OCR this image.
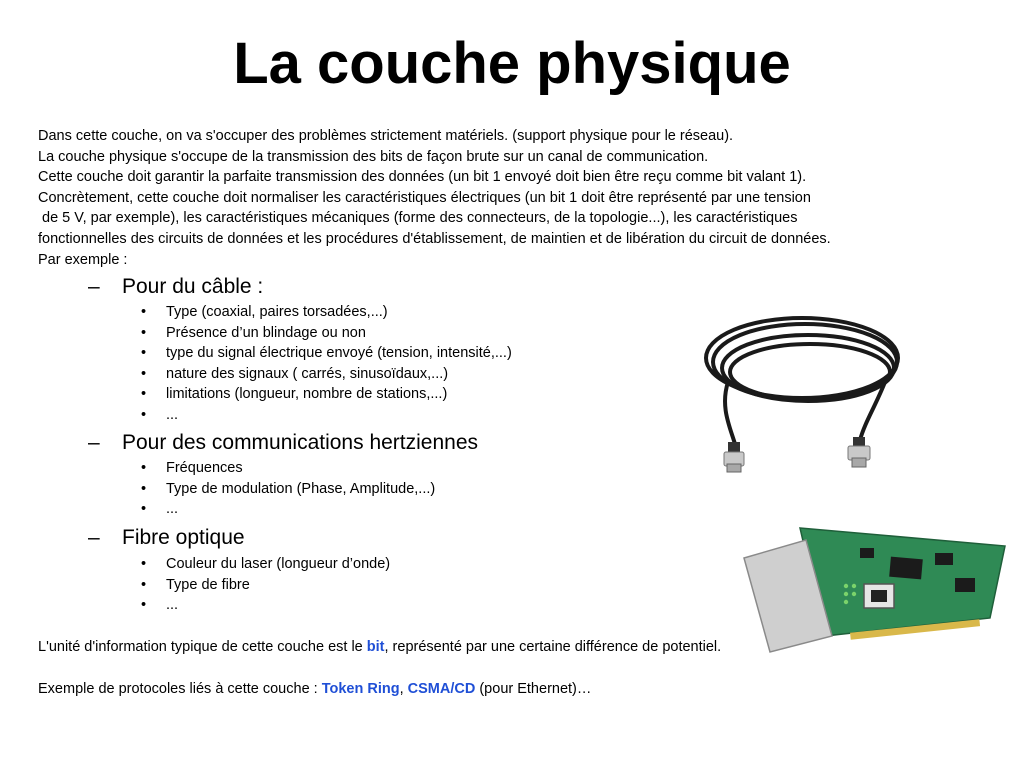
La couche physique
Dans cette couche, on va s'occuper des problèmes strictement matériels. (support physique pour le réseau).
La couche physique s'occupe de la transmission des bits de façon brute sur un canal de communication.
Cette couche doit garantir la parfaite transmission des données (un bit 1 envoyé doit bien être reçu comme bit valant 1).
Concrètement, cette couche doit normaliser les caractéristiques électriques (un bit 1 doit être représenté par une tension
de 5 V, par exemple), les caractéristiques mécaniques (forme des connecteurs, de la topologie...), les caractéristiques
fonctionnelles des circuits de données et les procédures d'établissement, de maintien et de libération du circuit de données.
Par exemple :
– Pour du câble :
• Type (coaxial, paires torsadées,...)
• Présence d’un blindage ou non
• type du signal électrique envoyé (tension, intensité,...)
• nature des signaux ( carrés, sinusoïdaux,...)
• limitations (longueur, nombre de stations,...)
• ...
– Pour des communications hertziennes
• Fréquences
• Type de modulation (Phase, Amplitude,...)
• ...
– Fibre optique
• Couleur du laser (longueur d’onde)
• Type de fibre
• ...
L'unité d'information typique de cette couche est le bit, représenté par une certaine différence de potentiel.
Exemple de protocoles liés à cette couche : Token Ring, CSMA/CD (pour Ethernet)…
